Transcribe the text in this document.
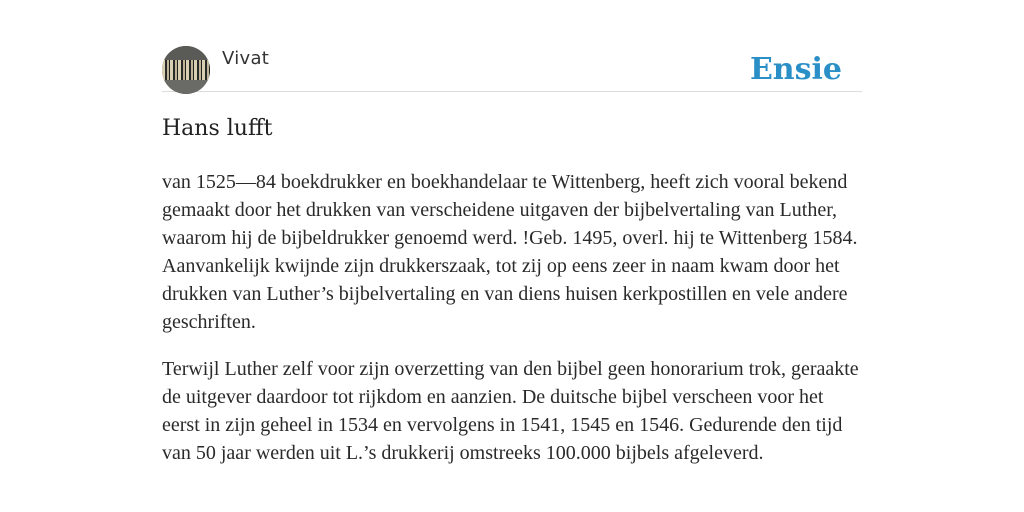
Vivat	Ensie
Hans lufft

van 1525—84 boekdrukker en boekhandelaar te Wittenberg, heeft zich vooral bekend gemaakt door het drukken van verscheidene uitgaven der bijbelvertaling van Luther, waarom hij de bijbeldrukker genoemd werd. !Geb. 1495, overl. hij te Wittenberg 1584. Aanvankelijk kwijnde zijn drukkerszaak, tot zij op eens zeer in naam kwam door het drukken van Luther’s bijbelvertaling en van diens huisen kerkpostillen en vele andere geschriften.

Terwijl Luther zelf voor zijn overzetting van den bijbel geen honorarium trok, geraakte de uitgever daardoor tot rijkdom en aanzien. De duitsche bijbel verscheen voor het eerst in zijn geheel in 1534 en vervolgens in 1541, 1545 en 1546. Gedurende den tijd van 50 jaar werden uit L.’s drukkerij omstreeks 100.000 bijbels afgeleverd.
